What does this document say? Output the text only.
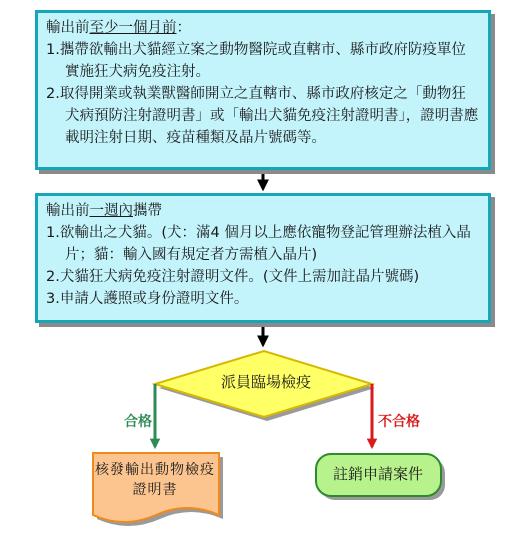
輸出前至少一個月前：
1.攜帶欲輸出犬貓經立案之動物醫院或直轄市、縣市政府防疫單位實施狂犬病免疫注射。
2.取得開業或執業獸醫師開立之直轄市、縣市政府核定之「動物狂犬病預防注射證明書」或「輸出犬貓免疫注射證明書」，證明書應載明注射日期、疫苗種類及晶片號碼等。
輸出前一週內攜帶
1.欲輸出之犬貓。(犬：滿4 個月以上應依寵物登記管理辦法植入晶片；貓：輸入國有規定者方需植入晶片)
2.犬貓狂犬病免疫注射證明文件。(文件上需加註晶片號碼)
3.申請人護照或身份證明文件。
派員臨場檢疫
合格	不合格
核發輸出動物檢疫證明書
註銷申請案件
